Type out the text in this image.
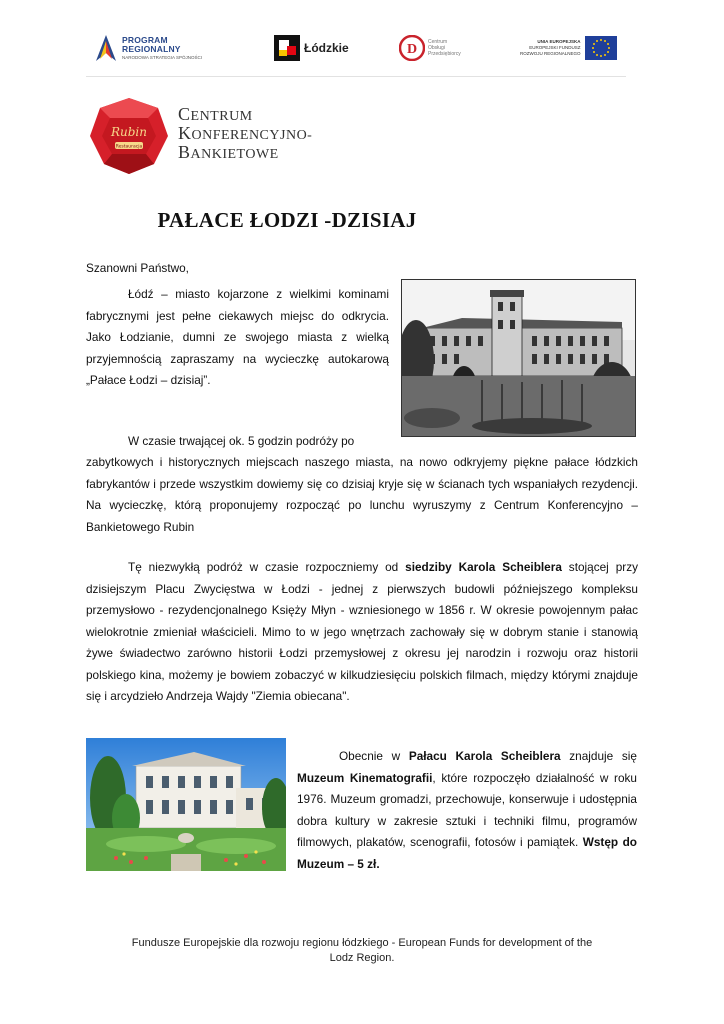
PROGRAM
REGIONALNY
NARODOWA STRATEGIA SPÓJNOŚCI
Łódzkie	D Centrum
Obsługi
Przedsiębiorcy
UNIA EUROPEJSKA
EUROPEJSKI FUNDUSZ
ROZWOJU REGIONALNEGO
Rubin
Restauracja
CENTRUM
KONFERENCYJNO-
BANKIETOWE
PAŁACE ŁODZI -DZISIAJ
Szanowni Państwo,
Łódź – miasto kojarzone z wielkimi kominami fabrycznymi jest pełne ciekawych miejsc do odkrycia. Jako Łodzianie, dumni ze swojego miasta z wielką przyjemnością zapraszamy na wycieczkę autokarową „Pałace Łodzi – dzisiaj”.
W czasie trwającej ok. 5 godzin podróży po
zabytkowych i historycznych miejscach naszego miasta, na nowo odkryjemy piękne pałace łódzkich fabrykantów i przede wszystkim dowiemy się co dzisiaj kryje się w ścianach tych wspaniałych rezydencji. Na wycieczkę, którą proponujemy rozpocząć po lunchu wyruszymy z Centrum Konferencyjno – Bankietowego Rubin
Tę niezwykłą podróż w czasie rozpoczniemy od siedziby Karola Scheiblera stojącej przy dzisiejszym Placu Zwycięstwa w Łodzi - jednej z pierwszych budowli późniejszego kompleksu przemysłowo - rezydencjonalnego Księży Młyn - wzniesionego w 1856 r. W okresie powojennym pałac wielokrotnie zmieniał właścicieli. Mimo to w jego wnętrzach zachowały się w dobrym stanie i stanowią żywe świadectwo zarówno historii Łodzi przemysłowej z okresu jej narodzin i rozwoju oraz historii polskiego kina, możemy je bowiem zobaczyć w kilkudziesięciu polskich filmach, między którymi znajduje się i arcydzieło Andrzeja Wajdy "Ziemia obiecana".
Obecnie w Pałacu Karola Scheiblera znajduje się Muzeum Kinematografii, które rozpoczęło działalność w roku 1976. Muzeum gromadzi, przechowuje, konserwuje i udostępnia dobra kultury w zakresie sztuki i techniki filmu, programów filmowych, plakatów, scenografii, fotosów i pamiątek. Wstęp do Muzeum – 5 zł.
Fundusze Europejskie dla rozwoju regionu łódzkiego - European Funds for development of the
Lodz Region.
